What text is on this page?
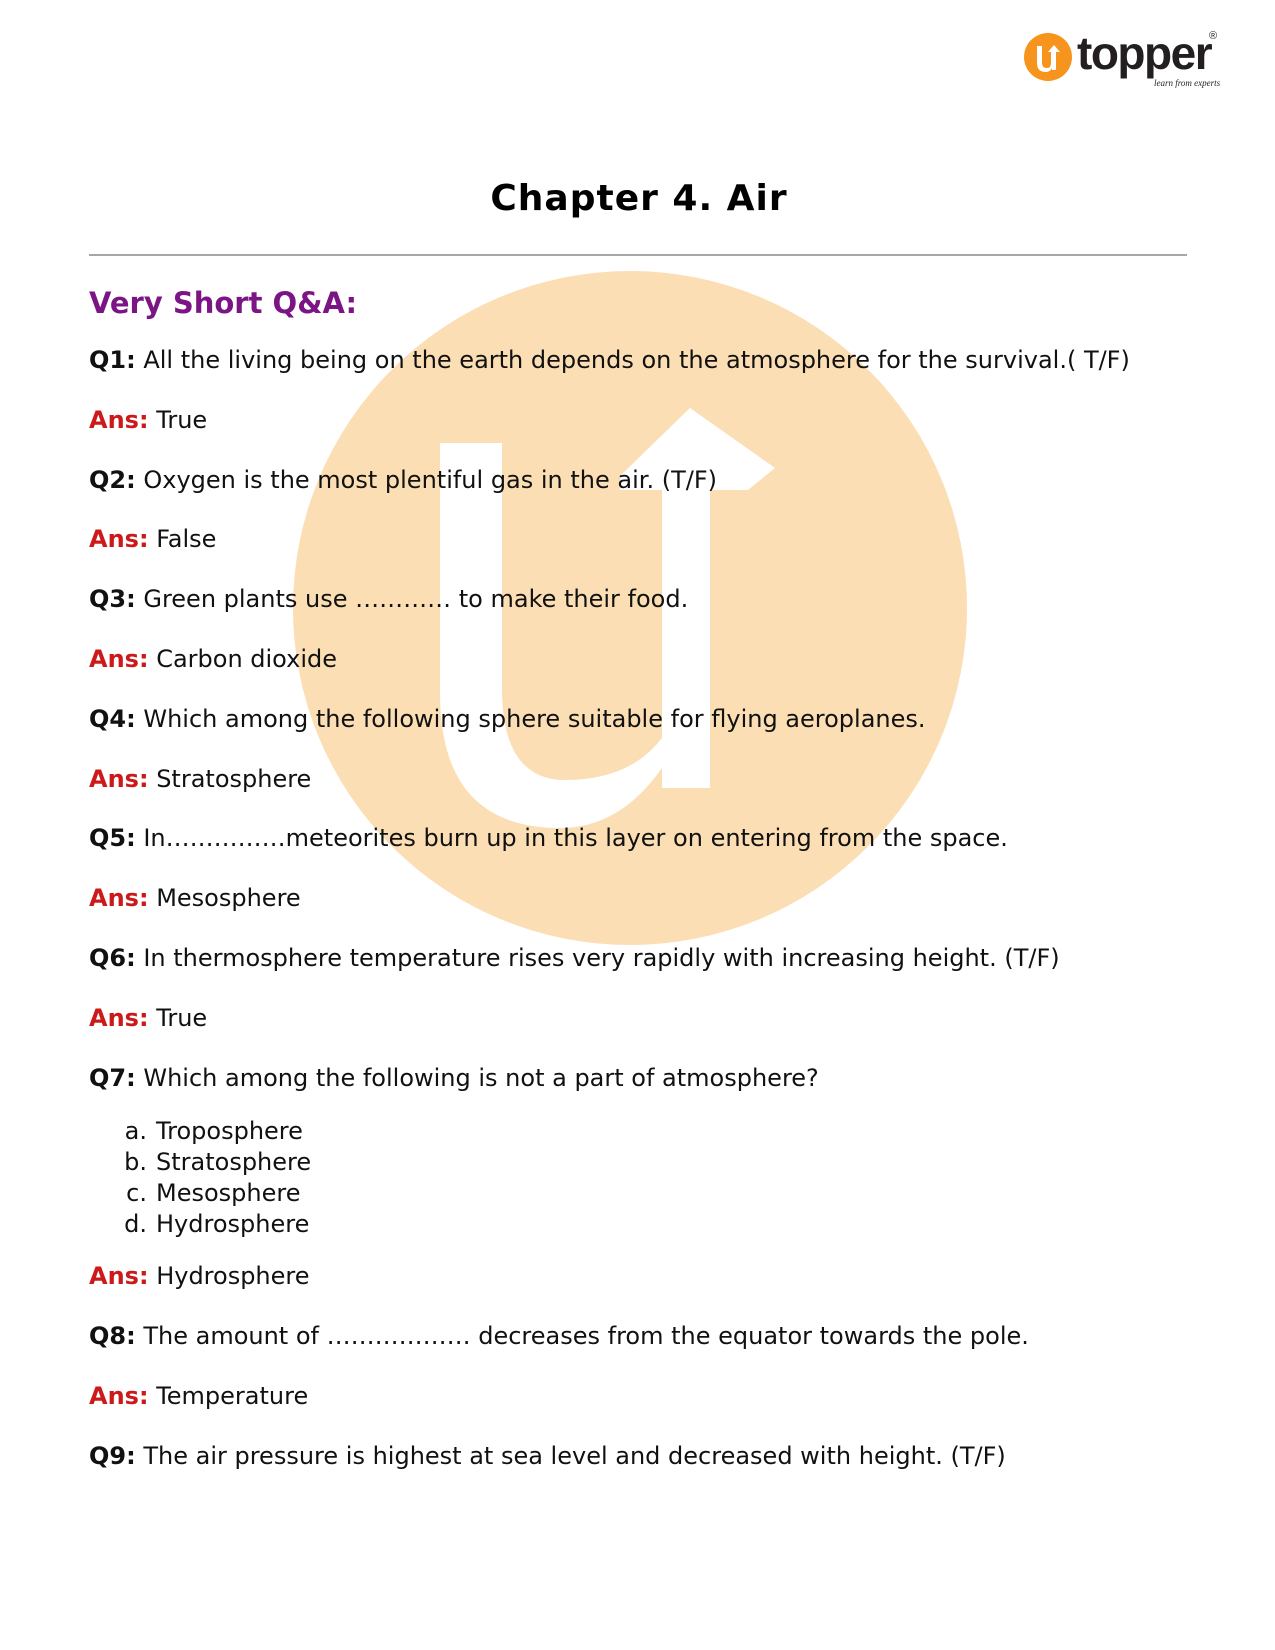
topper
®
learn from experts
Chapter 4. Air
Very Short Q&A:
Q1: All the living being on the earth depends on the atmosphere for the survival.( T/F)
Ans: True
Q2: Oxygen is the most plentiful gas in the air. (T/F)
Ans: False
Q3: Green plants use ………… to make their food.
Ans: Carbon dioxide
Q4: Which among the following sphere suitable for flying aeroplanes.
Ans: Stratosphere
Q5: In……………meteorites burn up in this layer on entering from the space.
Ans: Mesosphere
Q6: In thermosphere temperature rises very rapidly with increasing height. (T/F)
Ans: True
Q7: Which among the following is not a part of atmosphere?
a. Troposphere
b. Stratosphere
c. Mesosphere
d. Hydrosphere
Ans: Hydrosphere
Q8: The amount of ……………… decreases from the equator towards the pole.
Ans: Temperature
Q9: The air pressure is highest at sea level and decreased with height. (T/F)
